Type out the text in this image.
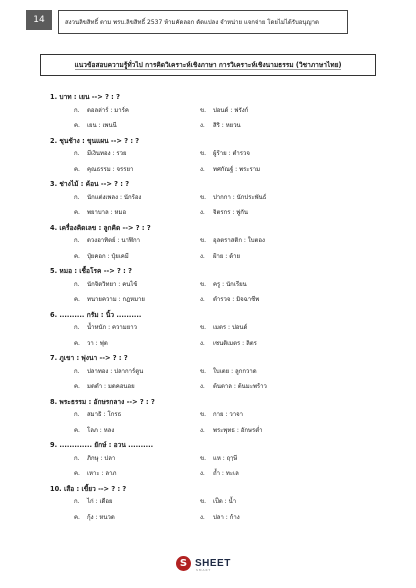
14	สงวนลิขสิทธิ์ ตาม พรบ.ลิขสิทธิ์ 2537 ห้ามคัดลอก ดัดแปลง จำหน่าย แจกจ่าย โดยไม่ได้รับอนุญาต
แนวข้อสอบความรู้ทั่วไป การคิดวิเคราะห์เชิงภาษา การวิเคราะห์เชิงนามธรรม (วิชาภาษาไทย)
1. บาท : เยน --> ? : ?
ก. ดอลล่าร์ : มาร์ค	ข. ปอนด์ : ฟรังก์
ค. เยน : เพนนี	ง. สิริ : หยวน
2. ชุนช้าง : ขุนแผน --> ? : ?
ก. มีเงินทอง : รวย	ข. ผู้ร้าย : ตำรวจ
ค. คุณธรรม : จรรยา	ง. ทศกัณฐ์ : พระราม
3. ช่างไม้ : ค้อน --> ? : ?
ก. นักแต่งเพลง : นักร้อง	ข. ปากกา : นักประพันธ์
ค. พยาบาล : หมอ	ง. จิตรกร : พู่กัน
4. เครื่องคิดเลข : ลูกคิด --> ? : ?
ก. ดวงอาทิตย์ : นาฬิกา	ข. อุลตราสติก : ใบตอง
ค. ปุ๋ยคอก : ปุ๋ยเคมี	ง. ฝ้าย : ด้าย
5. หมอ : เชื้อโรค --> ? : ?
ก. นักจิตวิทยา : คนไข้	ข. ครู : นักเรียน
ค. ทนายความ : กฎหมาย	ง. ตำรวจ : มิจฉาชีพ
6. .......... กรัม : นิ้ว ..........
ก. น้ำหนัก : ความยาว	ข. เมตร : ปอนด์
ค. วา : ฟุต	ง. เซนติเมตร : ลิตร
7. ภูเขา : พุ่งนา --> ? : ?
ก. ปลาทอง : ปลาการ์ตูน	ข. ใบเตย : ลูกกวาด
ค. มดดำ : มดคอนอย	ง. ต้นตาล : ต้นมะพร้าว
8. พระธรรม : อักษรกลาง --> ? : ?
ก. สมาธิ : โกรธ	ข. กาย : วาจา
ค. โลภ : หลง	ง. พระพุทธ : อักษรต่ำ
9. ............. ยักษ์ : อวน ..........
ก. ภิกษุ : ปลา	ข. แห : ฤๅษี
ค. เหาะ : ลาภ	ง. ถ้ำ : ทะเล
10. เสือ : เขี้ยว --> ? : ?
ก. ไก่ : เดือย	ข. เป็ด : น้ำ
ค. กุ้ง : หนวด	ง. ปลา : ก้าง
S SHEET
SMART
